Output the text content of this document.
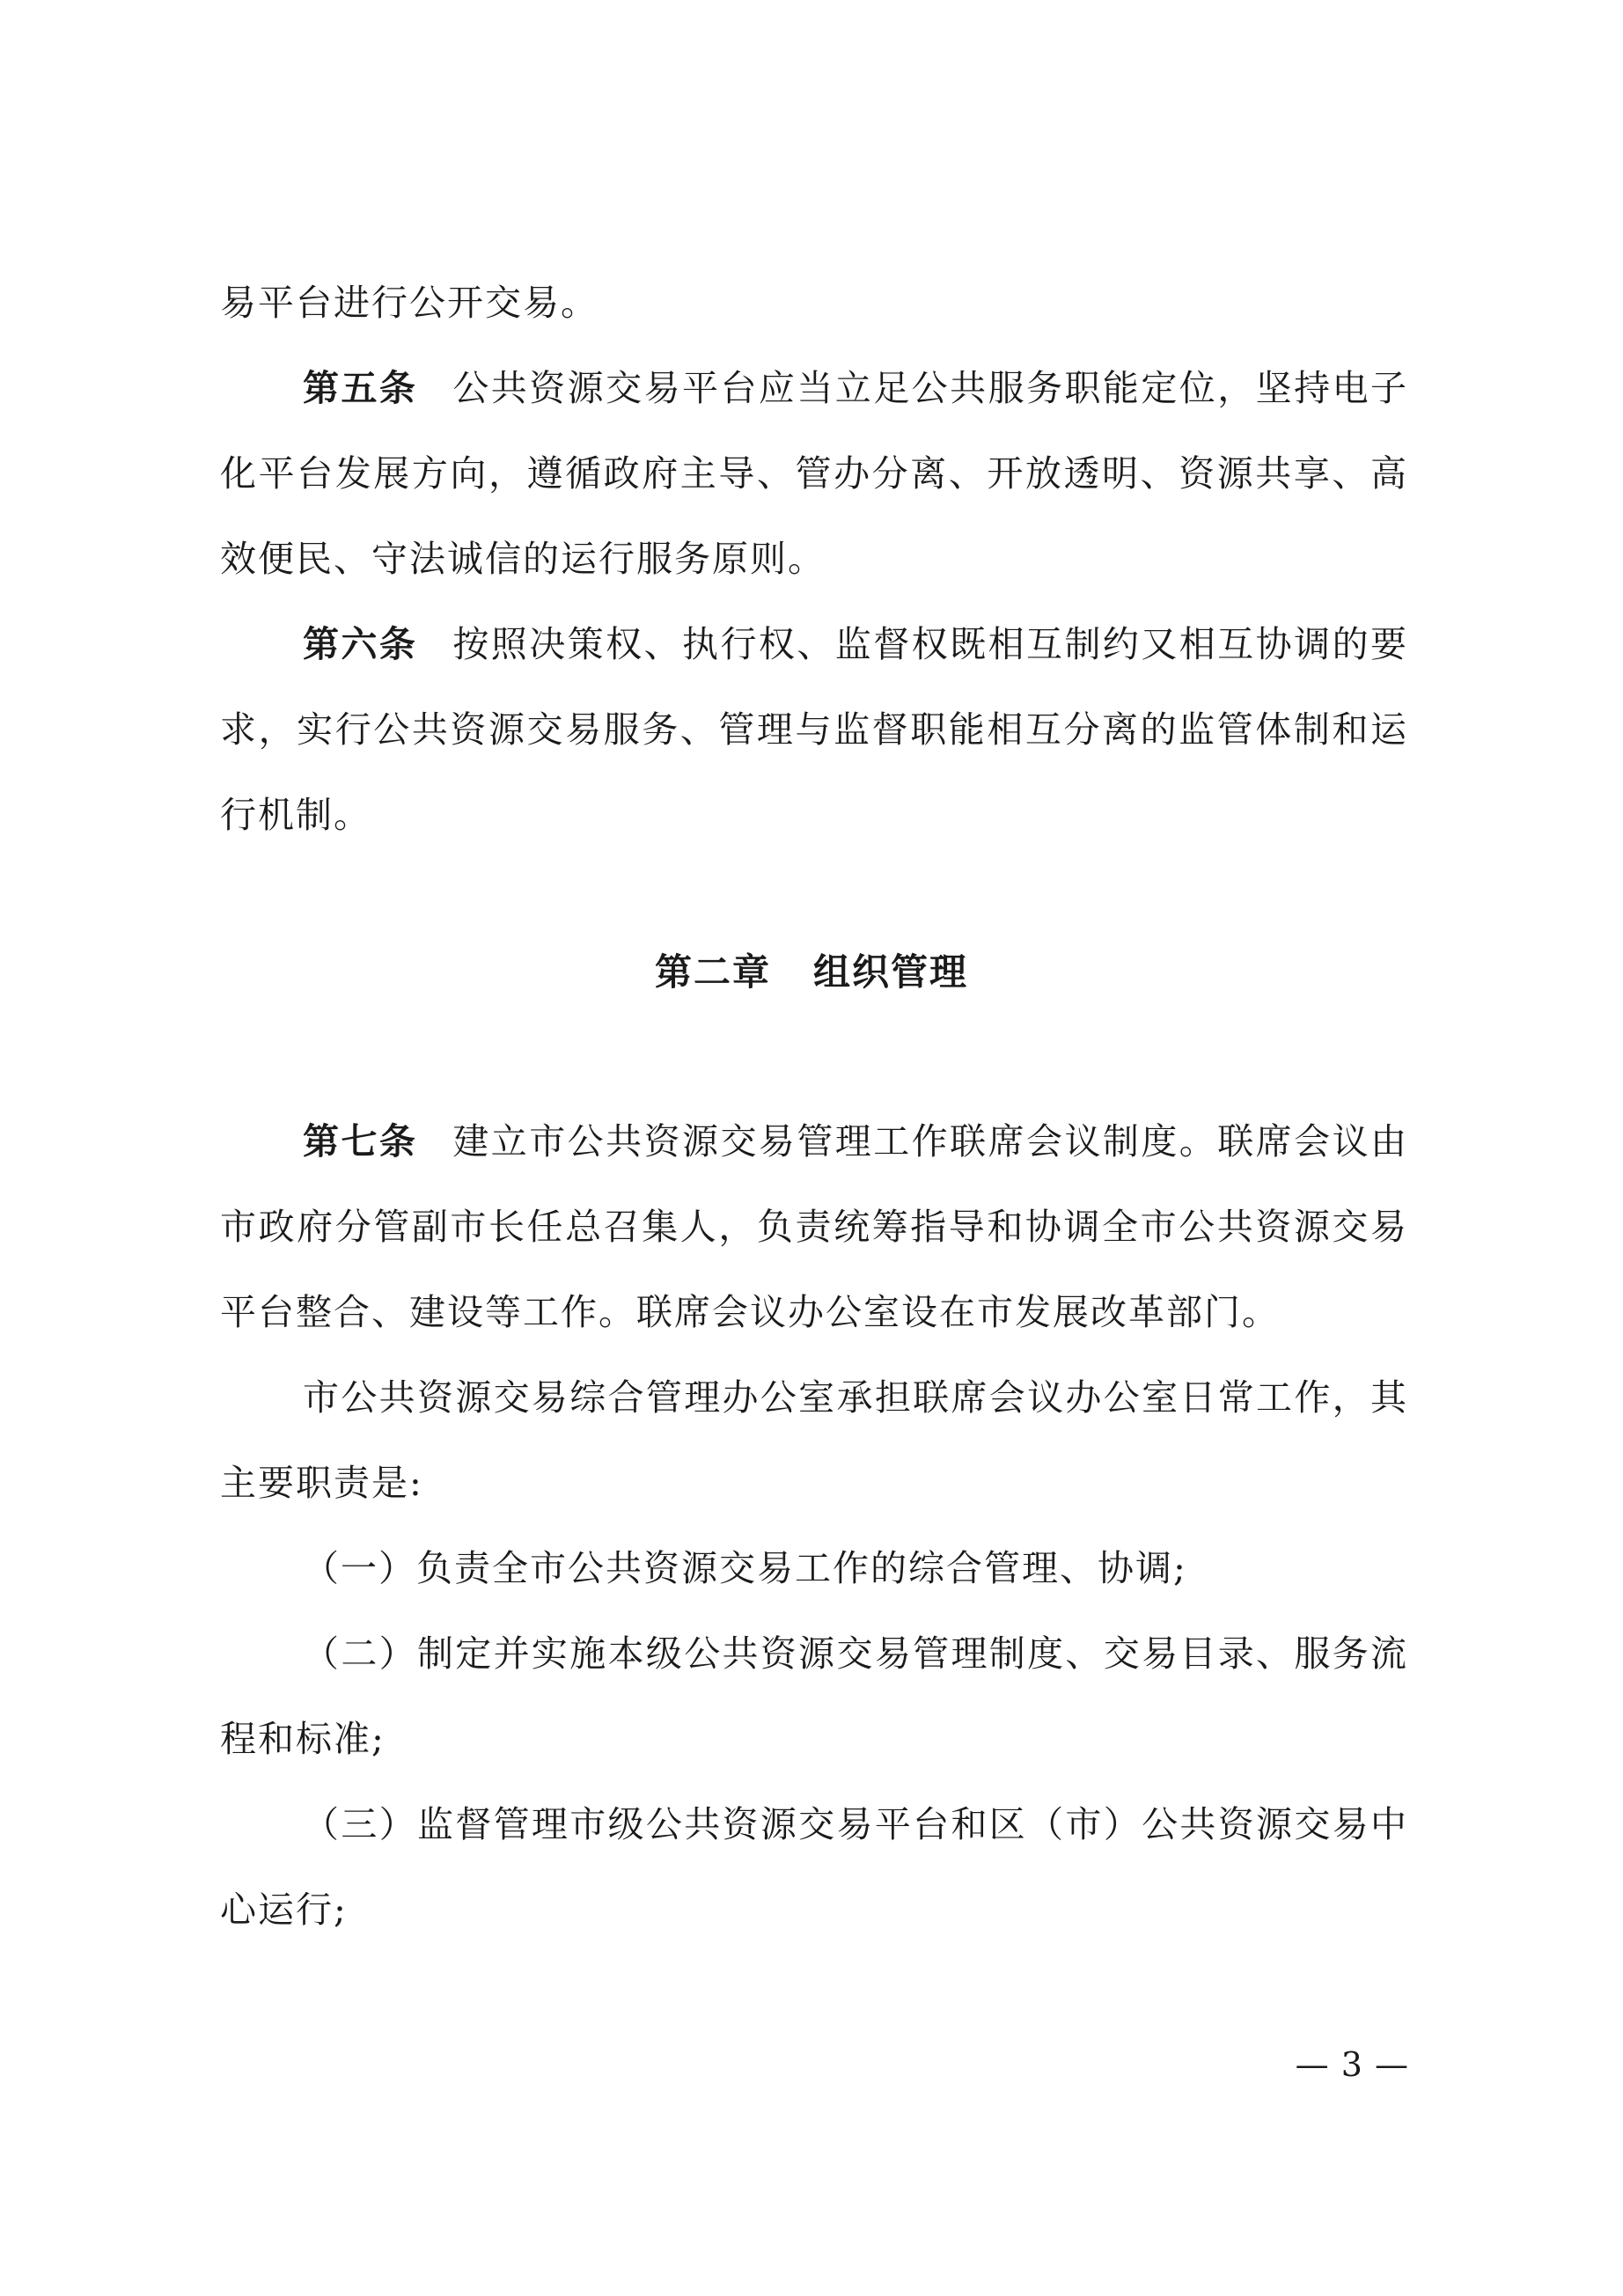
易平台进行公开交易。

第五条 公共资源交易平台应当立足公共服务职能定位，坚持电子化平台发展方向，遵循政府主导、管办分离、开放透明、资源共享、高效便民、守法诚信的运行服务原则。

第六条 按照决策权、执行权、监督权既相互制约又相互协调的要求，实行公共资源交易服务、管理与监督职能相互分离的监管体制和运行机制。

第二章 组织管理

第七条 建立市公共资源交易管理工作联席会议制度。联席会议由市政府分管副市长任总召集人，负责统筹指导和协调全市公共资源交易平台整合、建设等工作。联席会议办公室设在市发展改革部门。

市公共资源交易综合管理办公室承担联席会议办公室日常工作，其主要职责是:

（一）负责全市公共资源交易工作的综合管理、协调;

（二）制定并实施本级公共资源交易管理制度、交易目录、服务流程和标准;

（三）监督管理市级公共资源交易平台和区（市）公共资源交易中心运行;

— 3 —
